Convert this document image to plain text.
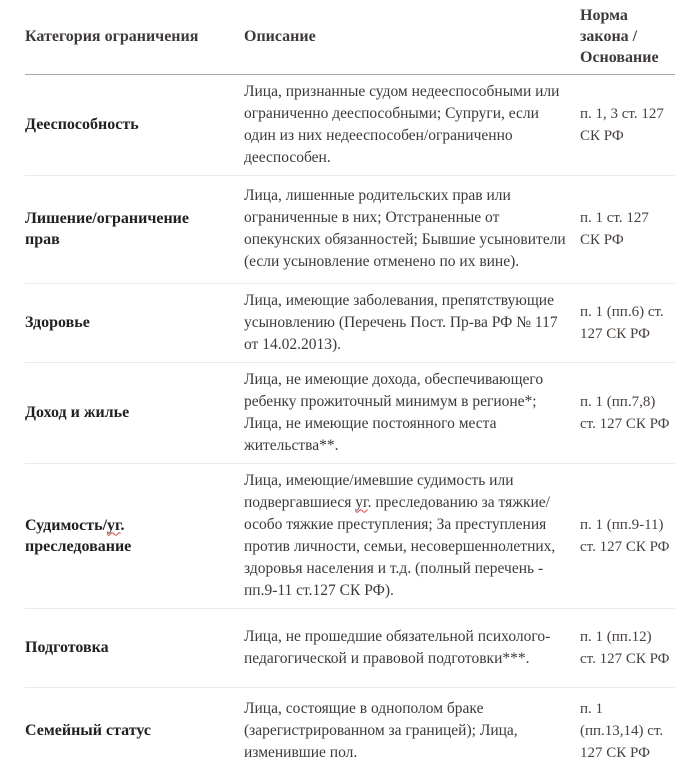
Категория ограничения	Описание	Норма закона / Основание
Дееспособность	Лица, признанные судом недееспособными или ограниченно дееспособными; Супруги, если один из них недееспособен/ограниченно дееспособен.	п. 1, 3 ст. 127 СК РФ
Лишение/ограничение прав	Лица, лишенные родительских прав или ограниченные в них; Отстраненные от опекунских обязанностей; Бывшие усыновители (если усыновление отменено по их вине).	п. 1 ст. 127 СК РФ
Здоровье	Лица, имеющие заболевания, препятствующие усыновлению (Перечень Пост. Пр-ва РФ № 117 от 14.02.2013).	п. 1 (пп.6) ст. 127 СК РФ
Доход и жилье	Лица, не имеющие дохода, обеспечивающего ребенку прожиточный минимум в регионе*; Лица, не имеющие постоянного места жительства**.	п. 1 (пп.7,8) ст. 127 СК РФ
Судимость/уг. преследование	Лица, имеющие/имевшие судимость или подвергавшиеся уг. преследованию за тяжкие/особо тяжкие преступления; За преступления против личности, семьи, несовершеннолетних, здоровья населения и т.д. (полный перечень - пп.9-11 ст.127 СК РФ).	п. 1 (пп.9-11) ст. 127 СК РФ
Подготовка	Лица, не прошедшие обязательной психолого-педагогической и правовой подготовки***.	п. 1 (пп.12) ст. 127 СК РФ
Семейный статус	Лица, состоящие в однополом браке (зарегистрированном за границей); Лица, изменившие пол.	п. 1 (пп.13,14) ст. 127 СК РФ
